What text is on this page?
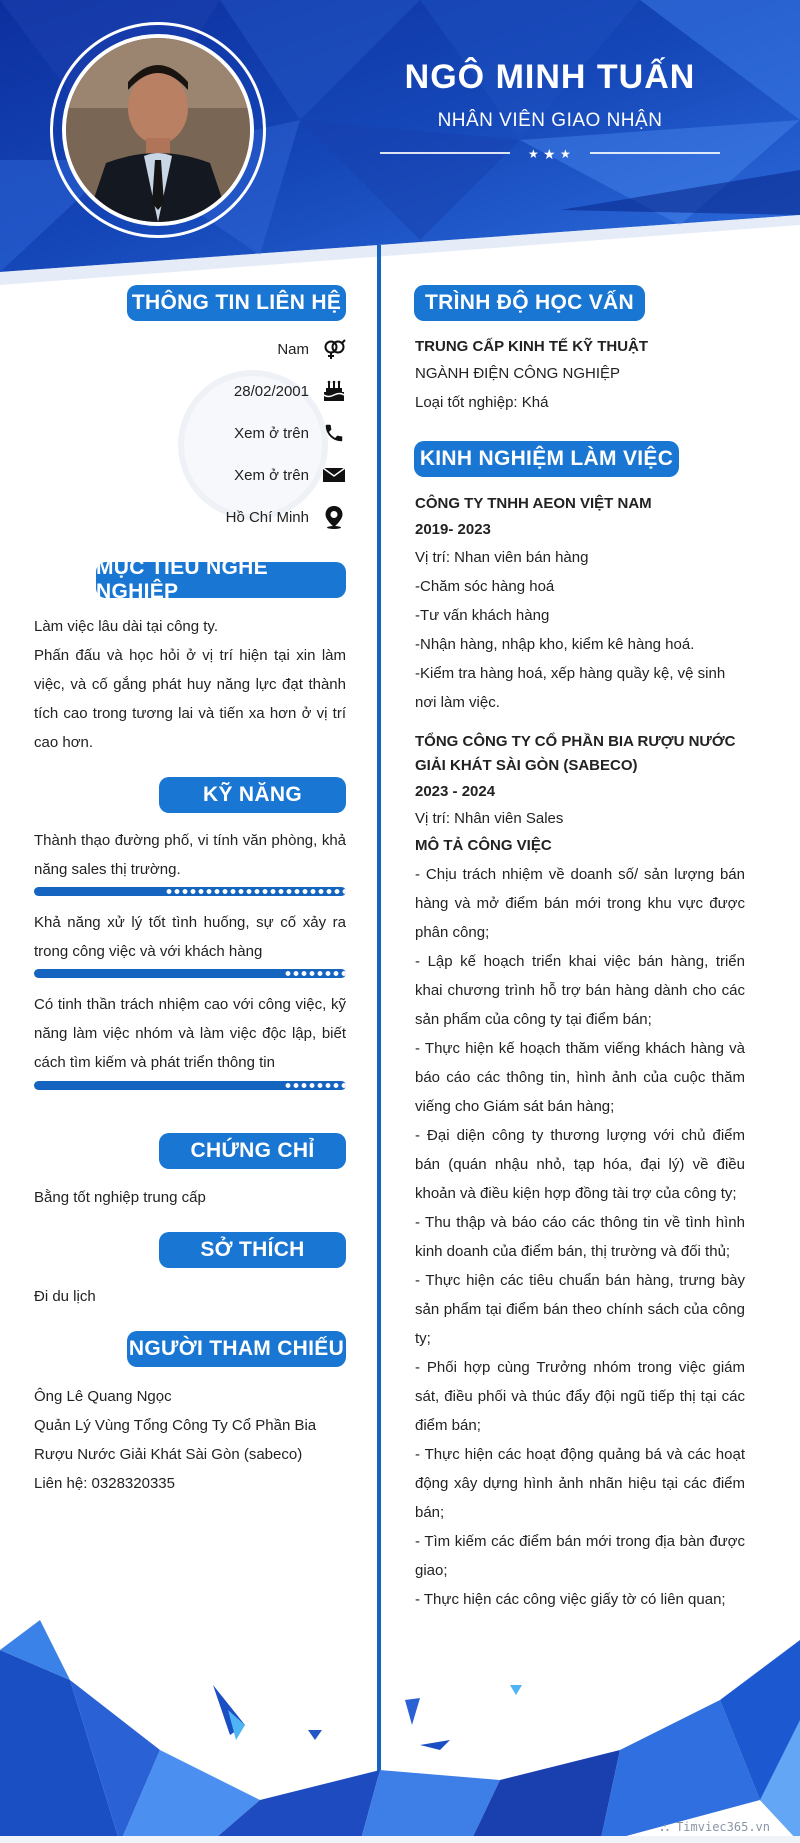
NGÔ MINH TUẤN
NHÂN VIÊN GIAO NHẬN
★ ★ ★
THÔNG TIN LIÊN HỆ
Nam
28/02/2001
Xem ở trên
Xem ở trên
Hồ Chí Minh
MỤC TIÊU NGHỀ NGHIỆP

Làm việc lâu dài tại công ty.

Phấn đấu và học hỏi ở vị trí hiện tại xin làm việc, và cố gắng phát huy năng lực đạt thành tích cao trong tương lai và tiến xa hơn ở vị trí cao hơn.

KỸ NĂNG
Thành thạo đường phố, vi tính văn phòng, khả năng sales thị trường.
Khả năng xử lý tốt tình huống, sự cố xảy ra trong công việc và với khách hàng
Có tinh thần trách nhiệm cao với công việc, kỹ năng làm việc nhóm và làm việc độc lập, biết cách tìm kiếm và phát triển thông tin
CHỨNG CHỈ
Bằng tốt nghiệp trung cấp
SỞ THÍCH
Đi du lịch
NGƯỜI THAM CHIẾU

Ông Lê Quang Ngọc

Quản Lý Vùng Tổng Công Ty Cổ Phần Bia Rượu Nước Giải Khát Sài Gòn (sabeco)

Liên hệ: 0328320335

TRÌNH ĐỘ HỌC VẤN

TRUNG CẤP KINH TẾ KỸ THUẬT

NGÀNH ĐIỆN CÔNG NGHIỆP

Loại tốt nghiệp: Khá

KINH NGHIỆM LÀM VIỆC

CÔNG TY TNHH AEON VIỆT NAM

2019- 2023

Vị trí: Nhan viên bán hàng

-Chăm sóc hàng hoá

-Tư vấn khách hàng

-Nhận hàng, nhập kho, kiểm kê hàng hoá.

-Kiểm tra hàng hoá, xếp hàng quầy kệ, vệ sinh nơi làm việc.

TỔNG CÔNG TY CỔ PHẦN BIA RƯỢU NƯỚC GIẢI KHÁT SÀI GÒN (SABECO)

2023 - 2024

Vị trí: Nhân viên Sales

MÔ TẢ CÔNG VIỆC

- Chịu trách nhiệm về doanh số/ sản lượng bán hàng và mở điểm bán mới trong khu vực được phân công;

- Lập kế hoạch triển khai việc bán hàng, triển khai chương trình hỗ trợ bán hàng dành cho các sản phẩm của công ty tại điểm bán;

- Thực hiện kế hoạch thăm viếng khách hàng và báo cáo các thông tin, hình ảnh của cuộc thăm viếng cho Giám sát bán hàng;

- Đại diện công ty thương lượng với chủ điểm bán (quán nhậu nhỏ, tạp hóa, đại lý) về điều khoản và điều kiện hợp đồng tài trợ của công ty;

- Thu thập và báo cáo các thông tin về tình hình kinh doanh của điểm bán, thị trường và đối thủ;

- Thực hiện các tiêu chuẩn bán hàng, trưng bày sản phẩm tại điểm bán theo chính sách của công ty;

- Phối hợp cùng Trưởng nhóm trong việc giám sát, điều phối và thúc đẩy đội ngũ tiếp thị tại các điểm bán;

- Thực hiện các hoạt động quảng bá và các hoạt động xây dựng hình ảnh nhãn hiệu tại các điểm bán;

- Tìm kiếm các điểm bán mới trong địa bàn được giao;

- Thực hiện các công việc giấy tờ có liên quan;

⛬ Timviec365.vn
